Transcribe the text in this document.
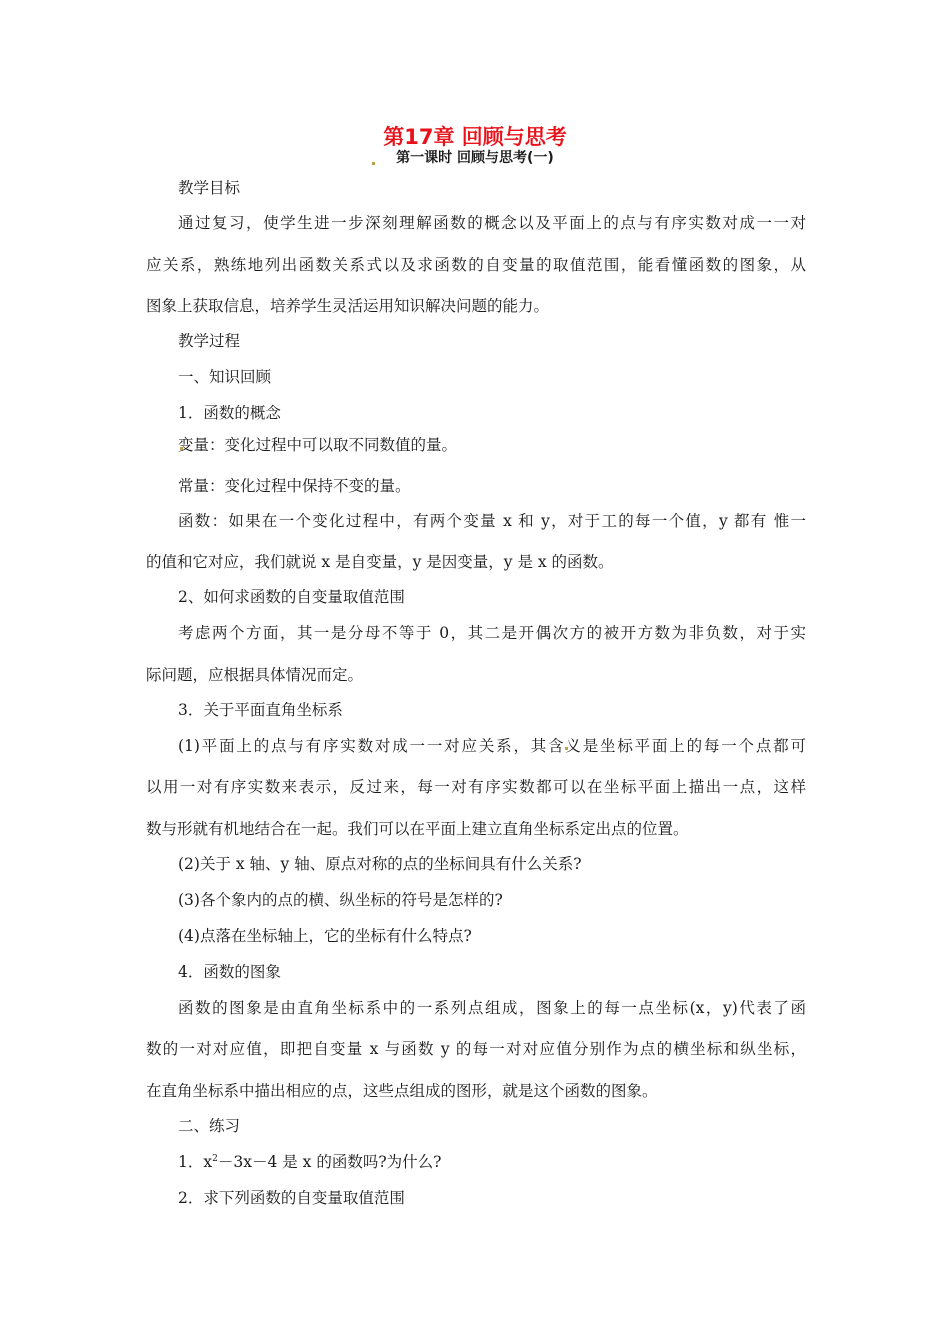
第17章 回顾与思考
第一课时 回顾与思考(一)

教学目标

通过复习，使学生进一步深刻理解函数的概念以及平面上的点与有序实数对成一一对

应关系，熟练地列出函数关系式以及求函数的自变量的取值范围，能看懂函数的图象，从

图象上获取信息，培养学生灵活运用知识解决问题的能力。

教学过程

一、知识回顾

1．函数的概念

变量：变化过程中可以取不同数值的量。

常量：变化过程中保持不变的量。

函数：如果在一个变化过程中，有两个变量 x 和 y，对于工的每一个值，y 都有 惟一

的值和它对应，我们就说 x 是自变量，y 是因变量，y 是 x 的函数。

2、如何求函数的自变量取值范围

考虑两个方面，其一是分母不等于 0，其二是开偶次方的被开方数为非负数，对于实

际问题，应根据具体情况而定。

3．关于平面直角坐标系

(1)平面上的点与有序实数对成一一对应关系，其含义是坐标平面上的每一个点都可

以用一对有序实数来表示，反过来，每一对有序实数都可以在坐标平面上描出一点，这样

数与形就有机地结合在一起。我们可以在平面上建立直角坐标系定出点的位置。

(2)关于 x 轴、y 轴、原点对称的点的坐标间具有什么关系?

(3)各个象内的点的横、纵坐标的符号是怎样的?

(4)点落在坐标轴上，它的坐标有什么特点?

4．函数的图象

函数的图象是由直角坐标系中的一系列点组成，图象上的每一点坐标(x，y)代表了函

数的一对对应值，即把自变量 x 与函数 y 的每一对对应值分别作为点的横坐标和纵坐标，

在直角坐标系中描出相应的点，这些点组成的图形，就是这个函数的图象。

二、练习

1．$x^2-3x-4$ 是 x 的函数吗?为什么?

2．求下列函数的自变量取值范围
